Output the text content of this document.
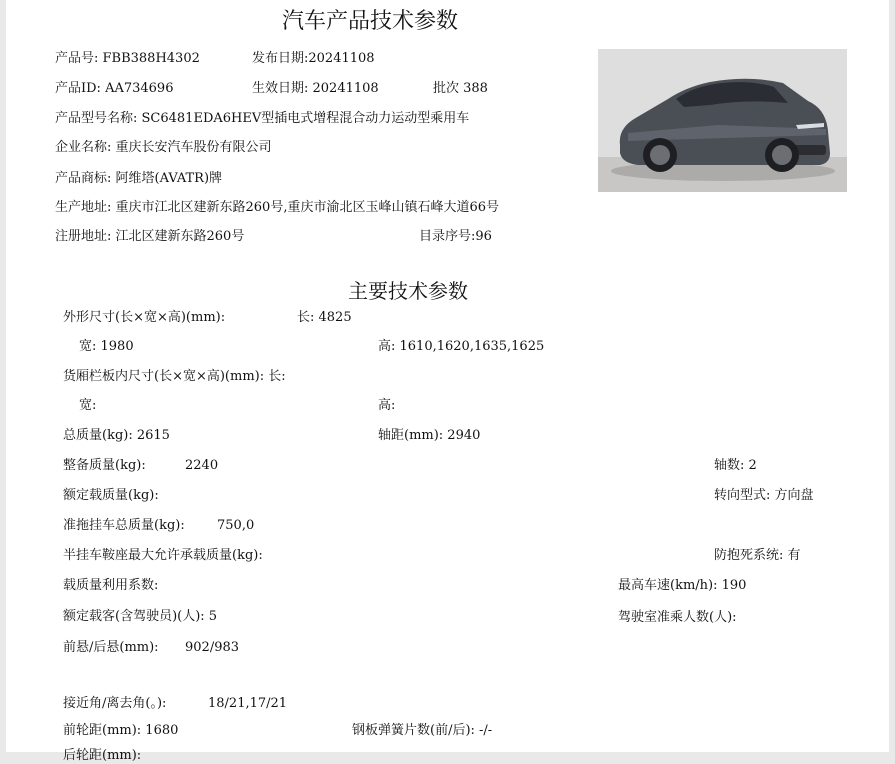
汽车产品技术参数
产品号: FBB388H4302	发布日期:20241108
产品ID: AA734696	生效日期: 20241108	批次 388
产品型号名称: SC6481EDA6HEV型插电式增程混合动力运动型乘用车
企业名称: 重庆长安汽车股份有限公司
产品商标: 阿维塔(AVATR)牌
生产地址: 重庆市江北区建新东路260号,重庆市渝北区玉峰山镇石峰大道66号
注册地址: 江北区建新东路260号	目录序号:96
主要技术参数
外形尺寸(长×宽×高)(mm):	长: 4825
宽: 1980	高: 1610,1620,1635,1625
货厢栏板内尺寸(长×宽×高)(mm): 长:
宽:	高:
总质量(kg): 2615	轴距(mm): 2940
整备质量(kg):	2240	轴数: 2
额定载质量(kg):	转向型式: 方向盘
准拖挂车总质量(kg): 750,0
半挂车鞍座最大允许承载质量(kg):	防抱死系统: 有
载质量利用系数:	最高车速(km/h): 190
额定载客(含驾驶员)(人): 5	驾驶室准乘人数(人):
前悬/后悬(mm): 902/983
接近角/离去角(。):	18/21,17/21
前轮距(mm): 1680	钢板弹簧片数(前/后): -/-
后轮距(mm):
